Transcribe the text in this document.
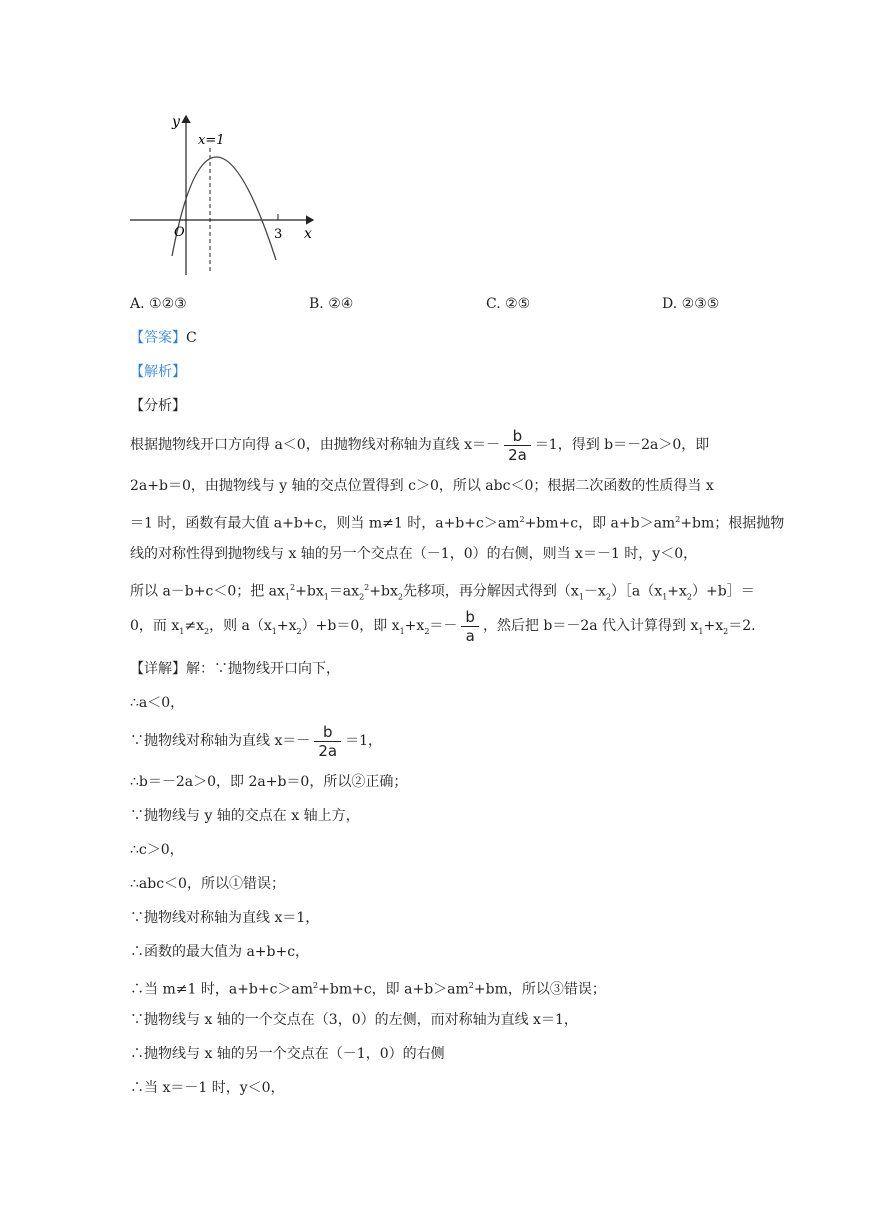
y
x
x=1
O	3
A. ①②③	B. ②④	C. ②⑤	D. ②③⑤
【答案】C
【解析】
【分析】
根据抛物线开口方向得 a＜0，由抛物线对称轴为直线 $x=- \frac{b}{2a} =1$，得到 b＝－2a＞0，即
2a+b＝0，由抛物线与 y 轴的交点位置得到 c＞0，所以 abc＜0；根据二次函数的性质得当 x
＝1 时，函数有最大值 a+b+c，则当 m≠1 时，$a+b+c>am^2+bm+c$，即 $a+b>am^2+bm$；根据抛物
线的对称性得到抛物线与 x 轴的另一个交点在（－1，0）的右侧，则当 x＝－1 时，y＜0，
所以 a－b+c＜0；把 $ax_1^2+bx_1=ax_2^2+bx_2$先移项，再分解因式得到$(x_1-x_2)[a(x_1+x_2)+b]=$
0，而 $x_1\ne x_2$，则 $a(x_1+x_2)+b=0$，即 $x_1+x_2=- \frac{b}{a}$ ，然后把 b＝－2a 代入计算得到 $x_1+x_2=2$.
【详解】解：∵抛物线开口向下，
∴a＜0，
∵抛物线对称轴为直线 $x=- \frac{b}{2a} =1$，
∴b＝－2a＞0，即 2a+b＝0，所以②正确；
∵抛物线与 y 轴的交点在 x 轴上方，
∴c＞0，
∴abc＜0，所以①错误；
∵抛物线对称轴为直线 x＝1，
∴函数的最大值为 a+b+c，
∴当 m≠1 时，$a+b+c>am^2+bm+c$，即 $a+b>am^2+bm$，所以③错误；
∵抛物线与 x 轴的一个交点在（3，0）的左侧，而对称轴为直线 x＝1，
∴抛物线与 x 轴的另一个交点在（－1，0）的右侧
∴当 x＝－1 时，y＜0，
